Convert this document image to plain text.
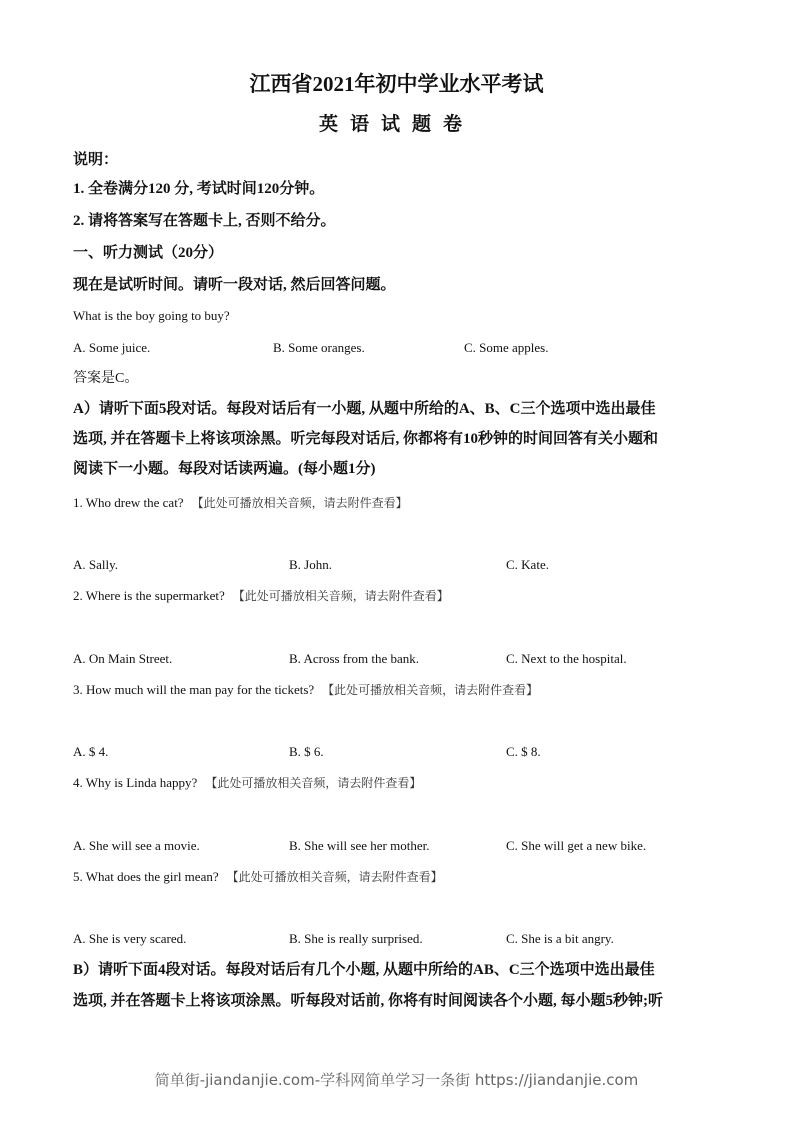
江西省2021年初中学业水平考试
英语试题卷
说明：
1. 全卷满分120 分, 考试时间120分钟。
2. 请将答案写在答题卡上, 否则不给分。
一、听力测试（20分）
现在是试听时间。请听一段对话, 然后回答问题。
What is the boy going to buy?
A. Some juice.	B. Some oranges.	C. Some apples.
答案是C。
A）请听下面5段对话。每段对话后有一小题, 从题中所给的A、B、C三个选项中选出最佳
选项, 并在答题卡上将该项涂黑。听完每段对话后, 你都将有10秒钟的时间回答有关小题和
阅读下一小题。每段对话读两遍。(每小题1分)
1. Who drew the cat? 【此处可播放相关音频，请去附件查看】
A. Sally.	B. John.	C. Kate.
2. Where is the supermarket? 【此处可播放相关音频，请去附件查看】
A. On Main Street.	B. Across from the bank.	C. Next to the hospital.
3. How much will the man pay for the tickets? 【此处可播放相关音频，请去附件查看】
A. $ 4.	B. $ 6.	C. $ 8.
4. Why is Linda happy? 【此处可播放相关音频，请去附件查看】
A. She will see a movie.	B. She will see her mother.	C. She will get a new bike.
5. What does the girl mean? 【此处可播放相关音频，请去附件查看】
A. She is very scared.	B. She is really surprised.	C. She is a bit angry.
B）请听下面4段对话。每段对话后有几个小题, 从题中所给的AB、C三个选项中选出最佳
选项, 并在答题卡上将该项涂黑。听每段对话前, 你将有时间阅读各个小题, 每小题5秒钟;听
简单街-jiandanjie.com-学科网简单学习一条街 https://jiandanjie.com
